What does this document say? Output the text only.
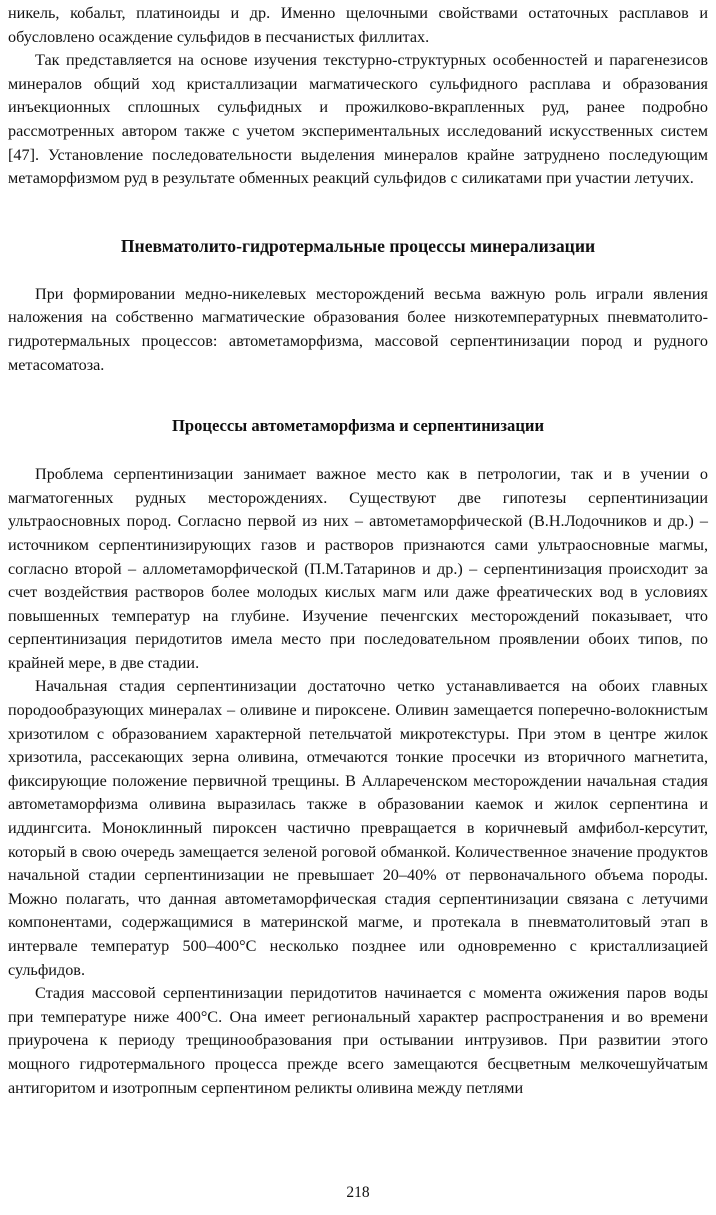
никель, кобальт, платиноиды и др. Именно щелочными свойствами остаточных расплавов и обусловлено осаждение сульфидов в песчанистых филлитах.

Так представляется на основе изучения текстурно-структурных особенностей и парагенезисов минералов общий ход кристаллизации магматического сульфидного расплава и образования инъекционных сплошных сульфидных и прожилково-вкрапленных руд, ранее подробно рассмотренных автором также с учетом экспериментальных исследований искусственных систем [47]. Установление последовательности выделения минералов крайне затруднено последующим метаморфизмом руд в результате обменных реакций сульфидов с силикатами при участии летучих.

Пневматолито-гидротермальные процессы минерализации

При формировании медно-никелевых месторождений весьма важную роль играли явления наложения на собственно магматические образования более низкотемпературных пневматолито-гидротермальных процессов: автометаморфизма, массовой серпентинизации пород и рудного метасоматоза.

Процессы автометаморфизма и серпентинизации

Проблема серпентинизации занимает важное место как в петрологии, так и в учении о магматогенных рудных месторождениях. Существуют две гипотезы серпентинизации ультраосновных пород. Согласно первой из них – автометаморфической (В.Н.Лодочников и др.) – источником серпентинизирующих газов и растворов признаются сами ультраосновные магмы, согласно второй – аллометаморфической (П.М.Татаринов и др.) – серпентинизация происходит за счет воздействия растворов более молодых кислых магм или даже фреатических вод в условиях повышенных температур на глубине. Изучение печенгских месторождений показывает, что серпентинизация перидотитов имела место при последовательном проявлении обоих типов, по крайней мере, в две стадии.

Начальная стадия серпентинизации достаточно четко устанавливается на обоих главных породообразующих минералах – оливине и пироксене. Оливин замещается поперечно-волокнистым хризотилом с образованием характерной петельчатой микротекстуры. При этом в центре жилок хризотила, рассекающих зерна оливина, отмечаются тонкие просечки из вторичного магнетита, фиксирующие положение первичной трещины. В Аллареченском месторождении начальная стадия автометаморфизма оливина выразилась также в образовании каемок и жилок серпентина и иддингсита. Моноклинный пироксен частично превращается в коричневый амфибол-керсутит, который в свою очередь замещается зеленой роговой обманкой. Количественное значение продуктов начальной стадии серпентинизации не превышает 20–40% от первоначального объема породы. Можно полагать, что данная автометаморфическая стадия серпентинизации связана с летучими компонентами, содержащимися в материнской магме, и протекала в пневматолитовый этап в интервале температур 500–400°С несколько позднее или одновременно с кристаллизацией сульфидов.

Стадия массовой серпентинизации перидотитов начинается с момента ожижения паров воды при температуре ниже 400°С. Она имеет региональный характер распространения и во времени приурочена к периоду трещинообразования при остывании интрузивов. При развитии этого мощного гидротермального процесса прежде всего замещаются бесцветным мелкочешуйчатым антигоритом и изотропным серпентином реликты оливина между петлями

218
